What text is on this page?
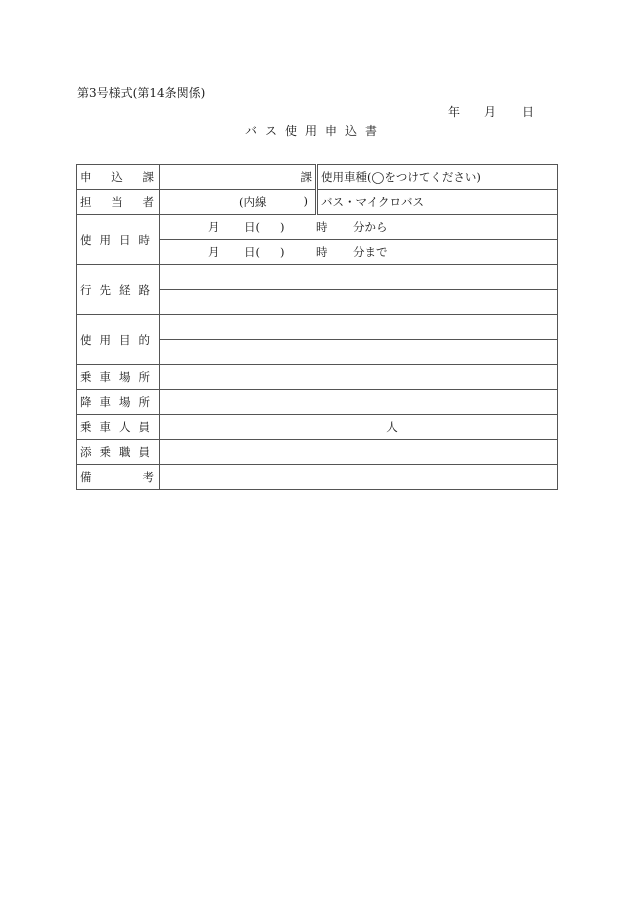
第3号様式(第14条関係)
年	月	日
バス使用申込書
申 込 課	課	使用車種(◯をつけてください)

担 当 者	(内線 )	バス・マイクロバス

使 用 日 時	月 日( ) 時 分から	
	月 日( ) 時 分まで	

行 先 経 路		

使 用 目 的		

乗 車 場 所		

降 車 場 所		

乗 車 人 員	人	

添 乗 職 員		

備 考		
